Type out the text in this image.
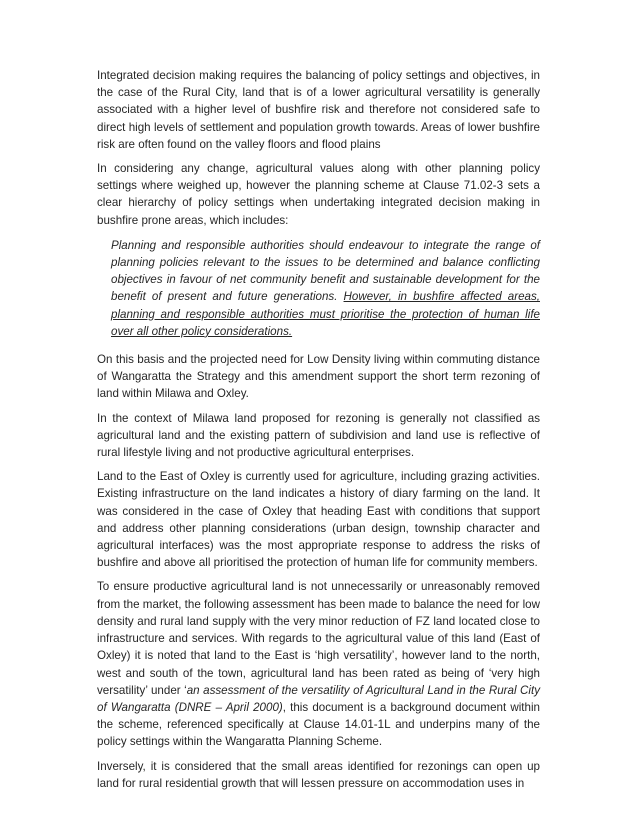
Integrated decision making requires the balancing of policy settings and objectives, in the case of the Rural City, land that is of a lower agricultural versatility is generally associated with a higher level of bushfire risk and therefore not considered safe to direct high levels of settlement and population growth towards. Areas of lower bushfire risk are often found on the valley floors and flood plains

In considering any change, agricultural values along with other planning policy settings where weighed up, however the planning scheme at Clause 71.02-3 sets a clear hierarchy of policy settings when undertaking integrated decision making in bushfire prone areas, which includes:

Planning and responsible authorities should endeavour to integrate the range of planning policies relevant to the issues to be determined and balance conflicting objectives in favour of net community benefit and sustainable development for the benefit of present and future generations. However, in bushfire affected areas, planning and responsible authorities must prioritise the protection of human life over all other policy considerations.

On this basis and the projected need for Low Density living within commuting distance of Wangaratta the Strategy and this amendment support the short term rezoning of land within Milawa and Oxley.

In the context of Milawa land proposed for rezoning is generally not classified as agricultural land and the existing pattern of subdivision and land use is reflective of rural lifestyle living and not productive agricultural enterprises.

Land to the East of Oxley is currently used for agriculture, including grazing activities. Existing infrastructure on the land indicates a history of diary farming on the land. It was considered in the case of Oxley that heading East with conditions that support and address other planning considerations (urban design, township character and agricultural interfaces) was the most appropriate response to address the risks of bushfire and above all prioritised the protection of human life for community members.

To ensure productive agricultural land is not unnecessarily or unreasonably removed from the market, the following assessment has been made to balance the need for low density and rural land supply with the very minor reduction of FZ land located close to infrastructure and services. With regards to the agricultural value of this land (East of Oxley) it is noted that land to the East is ‘high versatility’, however land to the north, west and south of the town, agricultural land has been rated as being of ‘very high versatility’ under ‘an assessment of the versatility of Agricultural Land in the Rural City of Wangaratta (DNRE – April 2000), this document is a background document within the scheme, referenced specifically at Clause 14.01-1L and underpins many of the policy settings within the Wangaratta Planning Scheme.

Inversely, it is considered that the small areas identified for rezonings can open up land for rural residential growth that will lessen pressure on accommodation uses in
